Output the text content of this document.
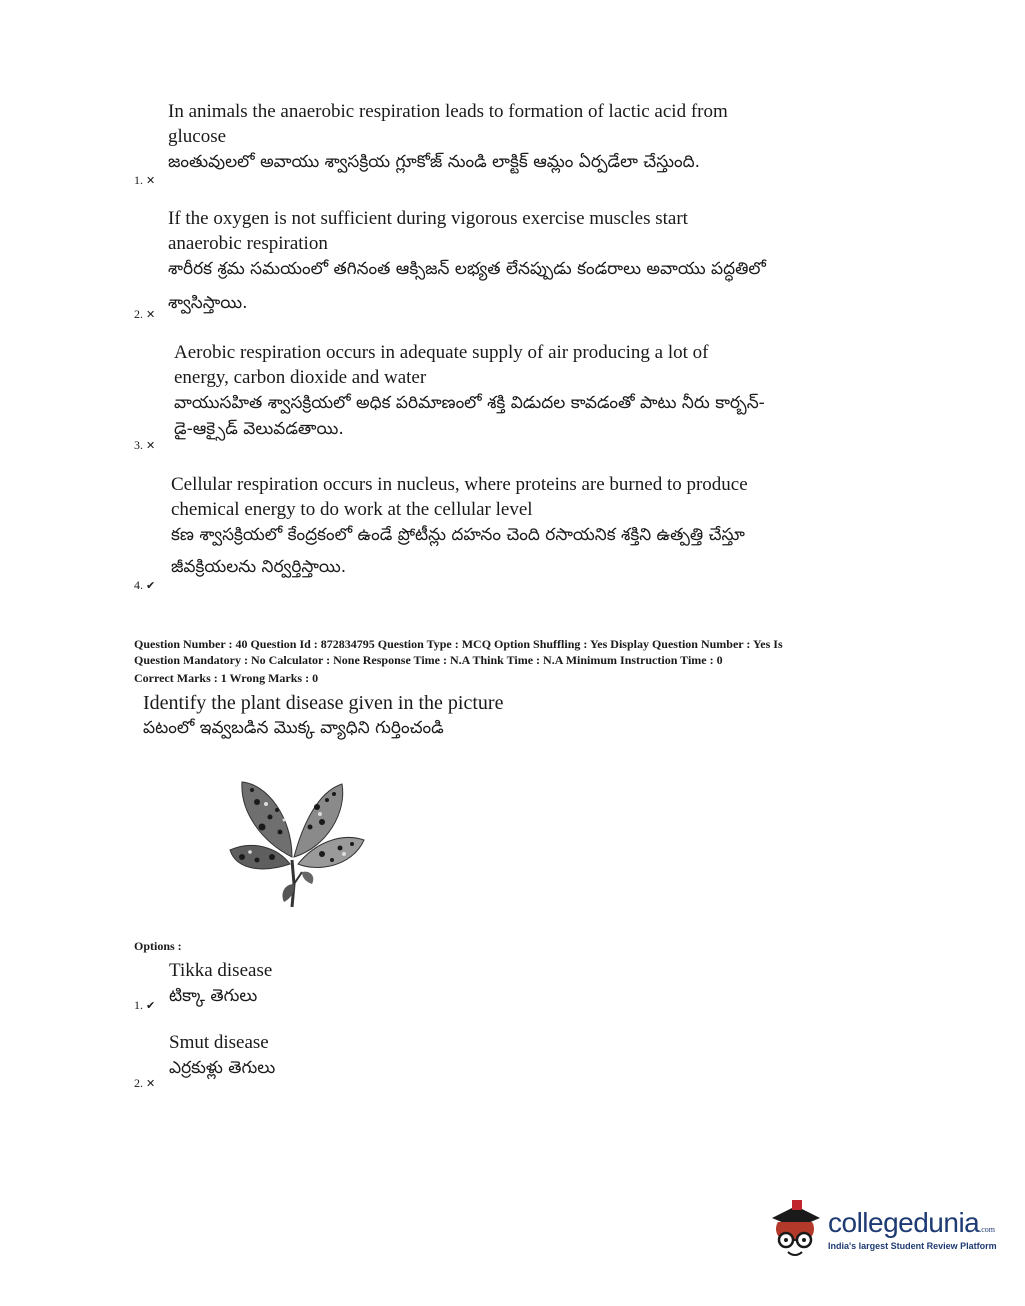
In animals the anaerobic respiration leads to formation of lactic acid from
glucose
జంతువులలో అవాయు శ్వాసక్రియ గ్లూకోజ్ నుండి లాక్టిక్ ఆమ్లం ఏర్పడేలా చేస్తుంది.
1. ✕
If the oxygen is not sufficient during vigorous exercise muscles start
anaerobic respiration
శారీరక శ్రమ సమయంలో తగినంత ఆక్సిజన్ లభ్యత లేనప్పుడు కండరాలు అవాయు పద్ధతిలో
శ్వాసిస్తాయి.
2. ✕
Aerobic respiration occurs in adequate supply of air producing a lot of
energy, carbon dioxide and water
వాయుసహిత శ్వాసక్రియలో అధిక పరిమాణంలో శక్తి విడుదల కావడంతో పాటు నీరు కార్బన్-
డై-ఆక్సైడ్ వెలువడతాయి.
3. ✕
Cellular respiration occurs in nucleus, where proteins are burned to produce
chemical energy to do work at the cellular level
కణ శ్వాసక్రియలో కేంద్రకంలో ఉండే ప్రోటీన్లు దహనం చెంది రసాయనిక శక్తిని ఉత్పత్తి చేస్తూ
జీవక్రియలను నిర్వర్తిస్తాయి.
4. ✔
Question Number : 40 Question Id : 872834795 Question Type : MCQ Option Shuffling : Yes Display Question Number : Yes Is
Question Mandatory : No Calculator : None Response Time : N.A Think Time : N.A Minimum Instruction Time : 0
Correct Marks : 1 Wrong Marks : 0
Identify the plant disease given in the picture
పటంలో ఇవ్వబడిన మొక్క వ్యాధిని గుర్తించండి
Options :
Tikka disease
టిక్కా తెగులు
1. ✔
Smut disease
ఎర్రకుళ్లు తెగులు
2. ✕
collegedunia.com
India's largest Student Review Platform
